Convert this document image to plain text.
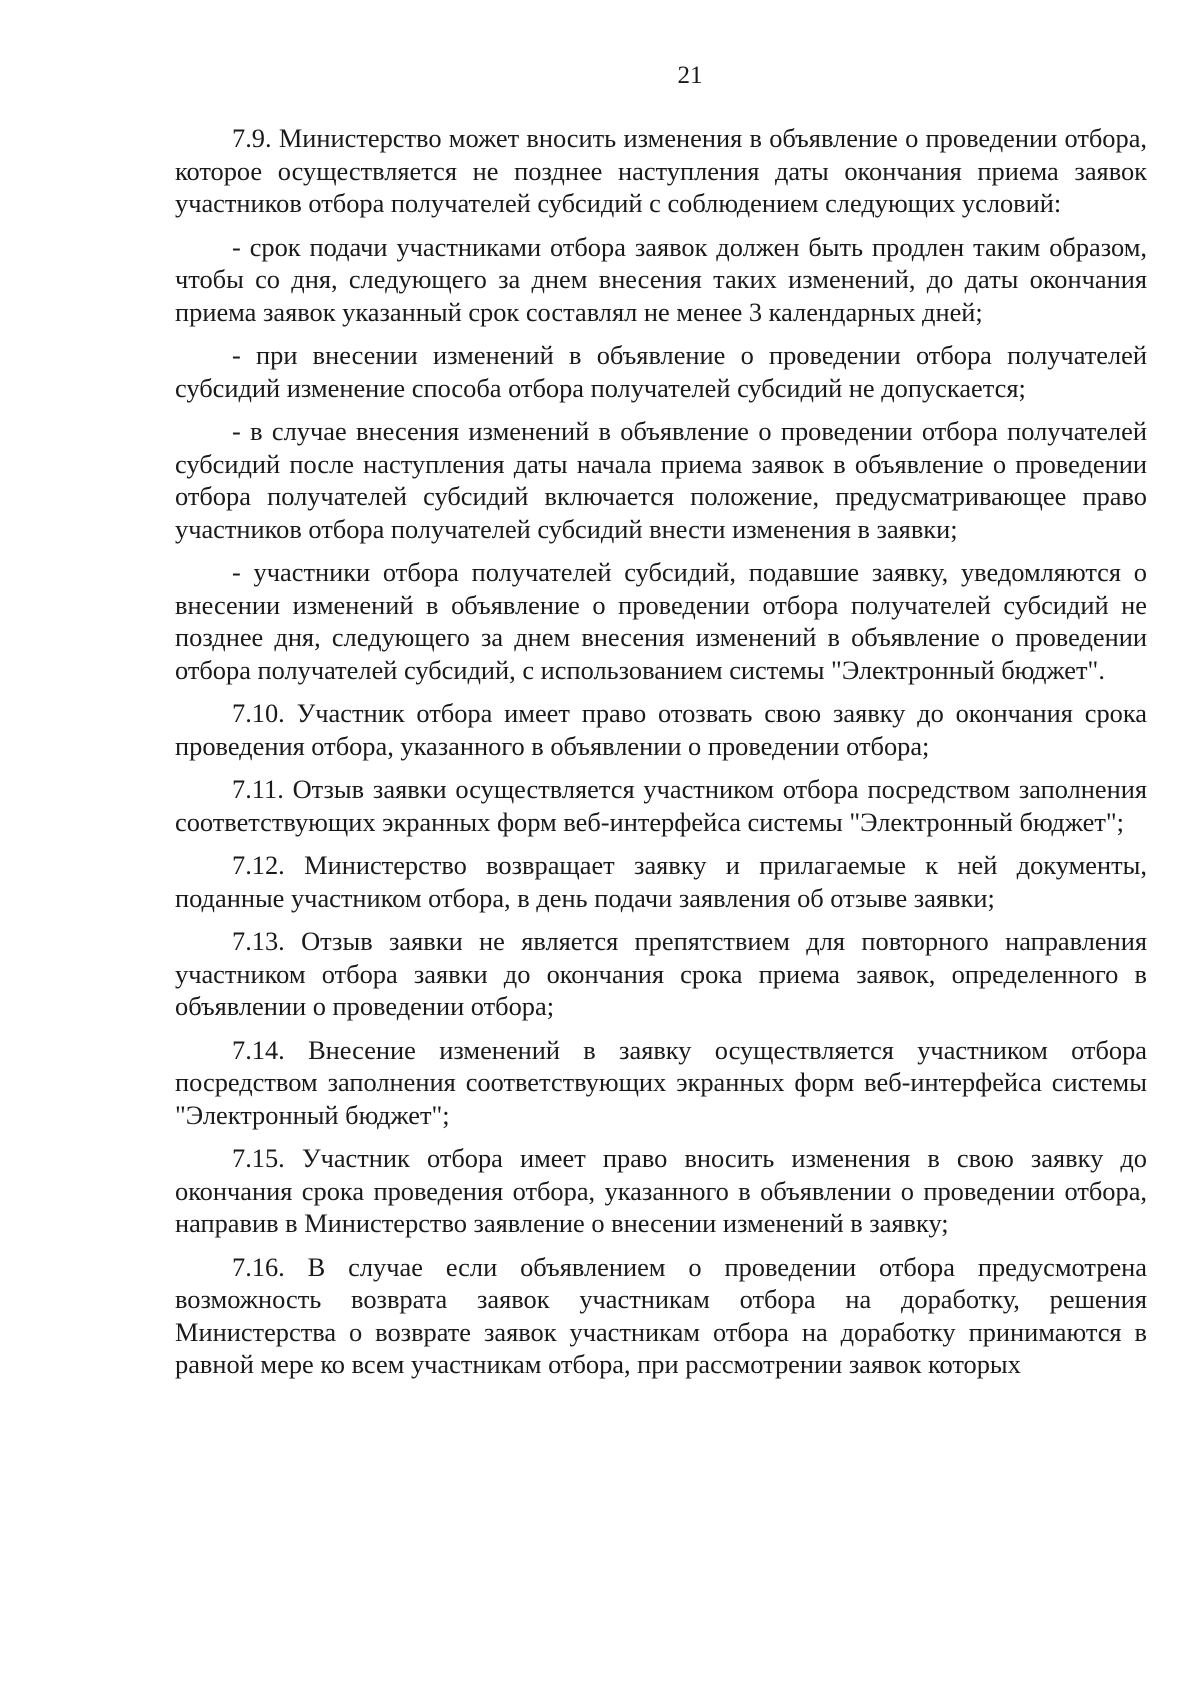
21

7.9. Министерство может вносить изменения в объявление о проведении отбора, которое осуществляется не позднее наступления даты окончания приема заявок участников отбора получателей субсидий с соблюдением следующих условий:

- срок подачи участниками отбора заявок должен быть продлен таким образом, чтобы со дня, следующего за днем внесения таких изменений, до даты окончания приема заявок указанный срок составлял не менее 3 календарных дней;

- при внесении изменений в объявление о проведении отбора получателей субсидий изменение способа отбора получателей субсидий не допускается;

- в случае внесения изменений в объявление о проведении отбора получателей субсидий после наступления даты начала приема заявок в объявление о проведении отбора получателей субсидий включается положение, предусматривающее право участников отбора получателей субсидий внести изменения в заявки;

- участники отбора получателей субсидий, подавшие заявку, уведомляются о внесении изменений в объявление о проведении отбора получателей субсидий не позднее дня, следующего за днем внесения изменений в объявление о проведении отбора получателей субсидий, с использованием системы "Электронный бюджет".

7.10. Участник отбора имеет право отозвать свою заявку до окончания срока проведения отбора, указанного в объявлении о проведении отбора;

7.11. Отзыв заявки осуществляется участником отбора посредством заполнения соответствующих экранных форм веб-интерфейса системы "Электронный бюджет";

7.12. Министерство возвращает заявку и прилагаемые к ней документы, поданные участником отбора, в день подачи заявления об отзыве заявки;

7.13. Отзыв заявки не является препятствием для повторного направления участником отбора заявки до окончания срока приема заявок, определенного в объявлении о проведении отбора;

7.14. Внесение изменений в заявку осуществляется участником отбора посредством заполнения соответствующих экранных форм веб-интерфейса системы "Электронный бюджет";

7.15. Участник отбора имеет право вносить изменения в свою заявку до окончания срока проведения отбора, указанного в объявлении о проведении отбора, направив в Министерство заявление о внесении изменений в заявку;

7.16. В случае если объявлением о проведении отбора предусмотрена возможность возврата заявок участникам отбора на доработку, решения Министерства о возврате заявок участникам отбора на доработку принимаются в равной мере ко всем участникам отбора, при рассмотрении заявок которых
